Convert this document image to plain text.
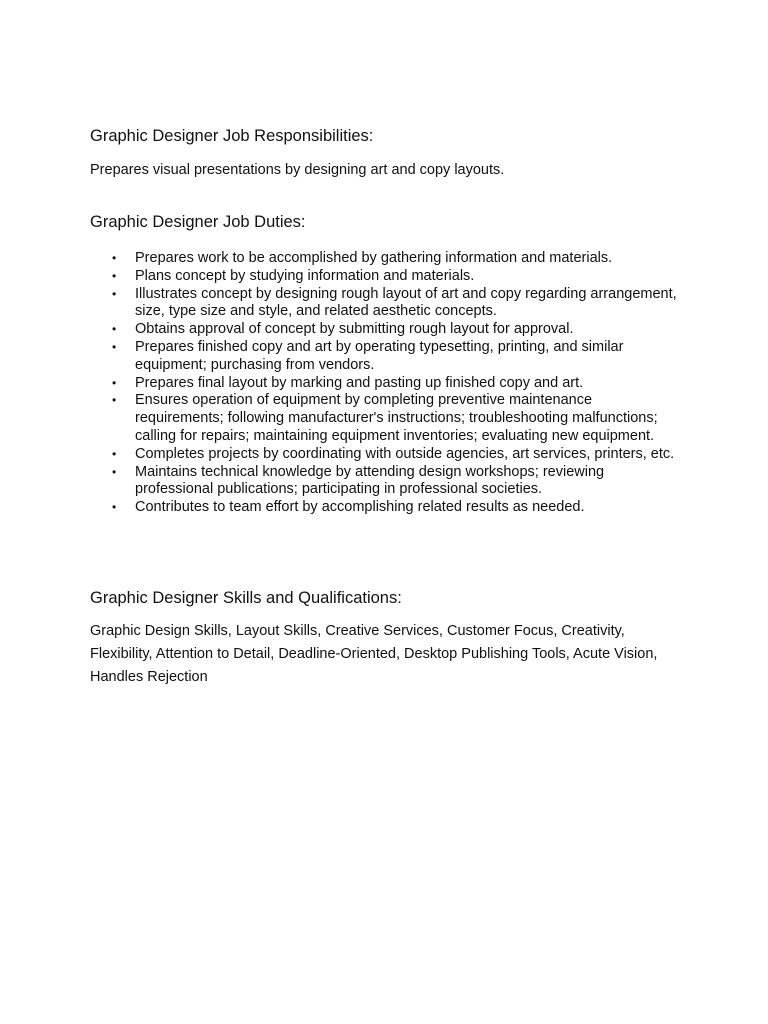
Graphic Designer Job Responsibilities:

Prepares visual presentations by designing art and copy layouts.

Graphic Designer Job Duties:
• Prepares work to be accomplished by gathering information and materials.
• Plans concept by studying information and materials.
• Illustrates concept by designing rough layout of art and copy regarding arrangement, size, type size and style, and related aesthetic concepts.
• Obtains approval of concept by submitting rough layout for approval.
• Prepares finished copy and art by operating typesetting, printing, and similar equipment; purchasing from vendors.
• Prepares final layout by marking and pasting up finished copy and art.
• Ensures operation of equipment by completing preventive maintenance requirements; following manufacturer's instructions; troubleshooting malfunctions; calling for repairs; maintaining equipment inventories; evaluating new equipment.
• Completes projects by coordinating with outside agencies, art services, printers, etc.
• Maintains technical knowledge by attending design workshops; reviewing professional publications; participating in professional societies.
• Contributes to team effort by accomplishing related results as needed.
Graphic Designer Skills and Qualifications:

Graphic Design Skills, Layout Skills, Creative Services, Customer Focus, Creativity, Flexibility, Attention to Detail, Deadline-Oriented, Desktop Publishing Tools, Acute Vision, Handles Rejection
